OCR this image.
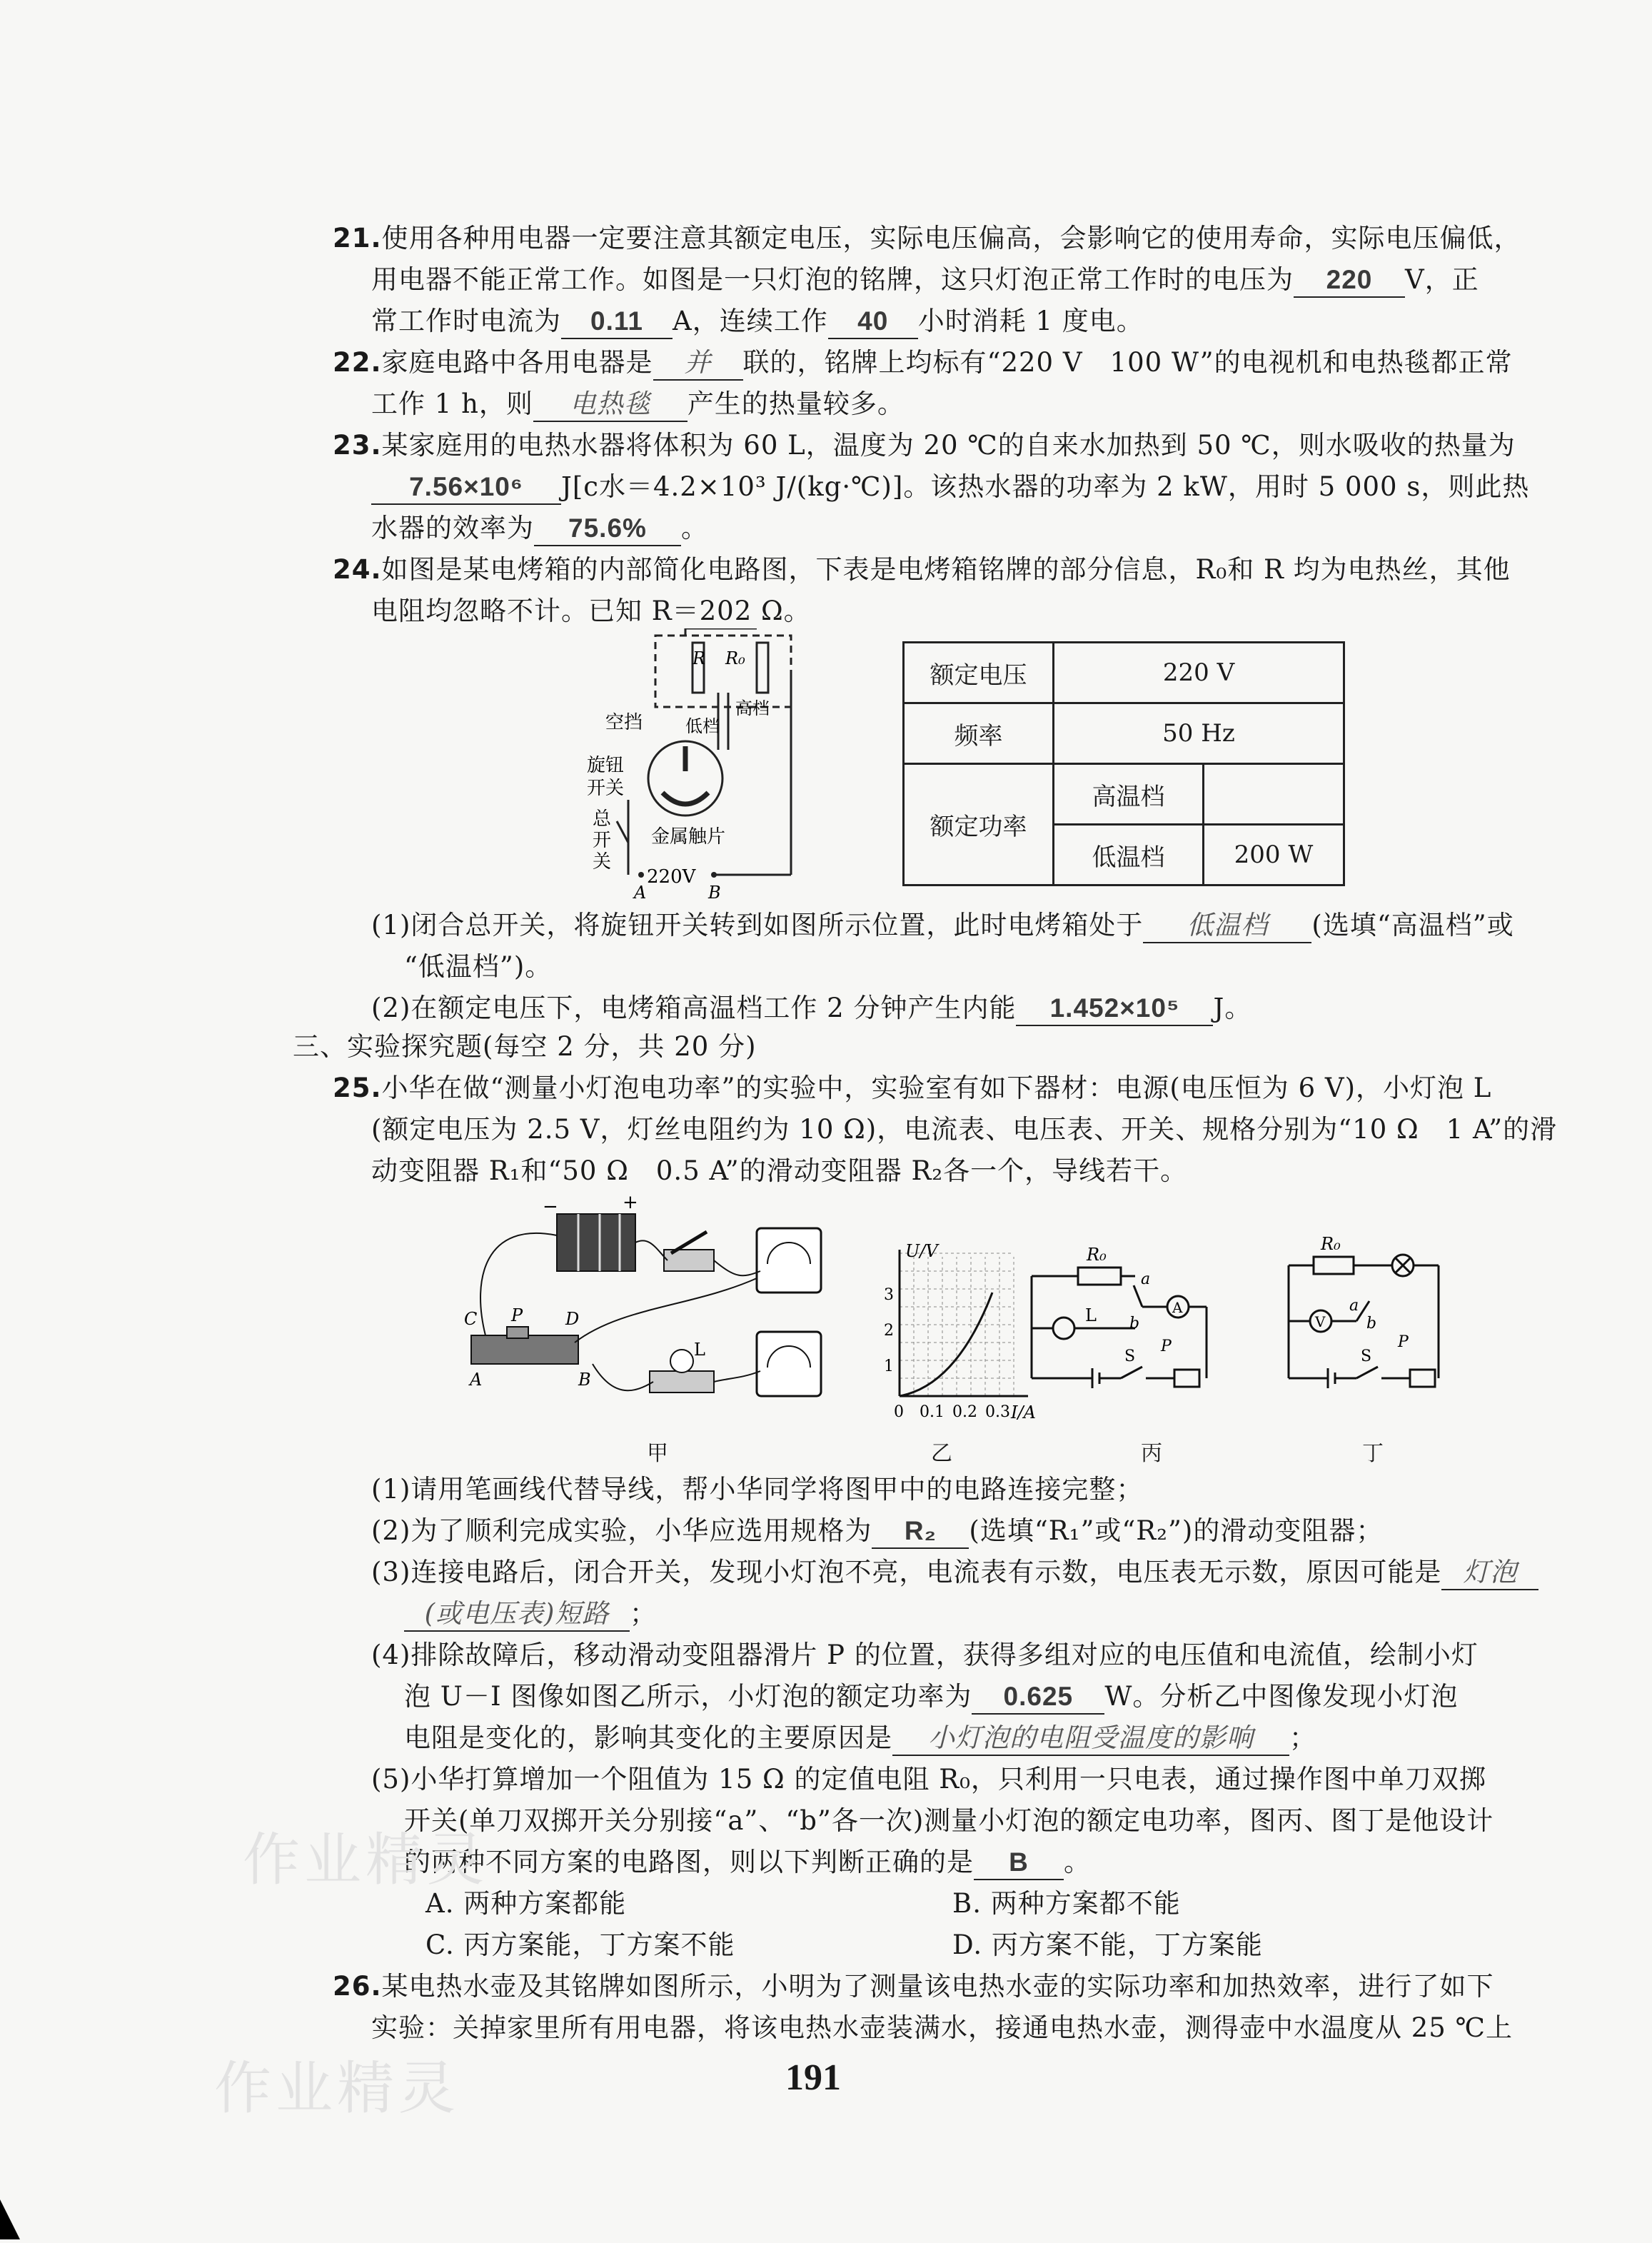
21.使用各种用电器一定要注意其额定电压，实际电压偏高，会影响它的使用寿命，实际电压偏低，
用电器不能正常工作。如图是一只灯泡的铭牌，这只灯泡正常工作时的电压为 220 V，正
常工作时电流为 0.11 A，连续工作 40 小时消耗 1 度电。
22.家庭电路中各用电器是 并 联的，铭牌上均标有“220 V　100 W”的电视机和电热毯都正常
工作 1 h，则 电热毯 产生的热量较多。
23.某家庭用的电热水器将体积为 60 L，温度为 20 ℃的自来水加热到 50 ℃，则水吸收的热量为
7.56×10⁶ J[c水＝4.2×10³ J/(kg·℃)]。该热水器的功率为 2 kW，用时 5 000 s，则此热
水器的效率为 75.6% 。
24.如图是某电烤箱的内部简化电路图，下表是电烤箱铭牌的部分信息，R₀和 R 均为电热丝，其他
电阻均忽略不计。已知 R＝202 Ω。
R R₀
低档
高档
空挡
旋钮
开关
总
开
关
金属触片
220V
A	B
额定电压	220 V	
频率	50 Hz	
额定功率	高温档	
	低温档	200 W
(1)闭合总开关，将旋钮开关转到如图所示位置，此时电烤箱处于 低温档 (选填“高温档”或
“低温档”)。
(2)在额定电压下，电烤箱高温档工作 2 分钟产生内能 1.452×10⁵ J。
三、实验探究题(每空 2 分，共 20 分)
25.小华在做“测量小灯泡电功率”的实验中，实验室有如下器材：电源(电压恒为 6 V)，小灯泡 L
(额定电压为 2.5 V，灯丝电阻约为 10 Ω)，电流表、电压表、开关、规格分别为“10 Ω　1 A”的滑
动变阻器 R₁和“50 Ω　0.5 A”的滑动变阻器 R₂各一个，导线若干。
−	+
C P D
A	B
L
U/V
I/A
1
2
3
0 0.1 0.2 0.3
R₀
L
a
b
A
P
S
R₀
V
a
b
S
P
甲	乙	丙	丁
(1)请用笔画线代替导线，帮小华同学将图甲中的电路连接完整；
(2)为了顺利完成实验，小华应选用规格为 R₂ (选填“R₁”或“R₂”)的滑动变阻器；
(3)连接电路后，闭合开关，发现小灯泡不亮，电流表有示数，电压表无示数，原因可能是 灯泡
(或电压表)短路 ；
(4)排除故障后，移动滑动变阻器滑片 P 的位置，获得多组对应的电压值和电流值，绘制小灯
泡 U－I 图像如图乙所示，小灯泡的额定功率为 0.625 W。分析乙中图像发现小灯泡
电阻是变化的，影响其变化的主要原因是 小灯泡的电阻受温度的影响 ；
(5)小华打算增加一个阻值为 15 Ω 的定值电阻 R₀，只利用一只电表，通过操作图中单刀双掷
开关(单刀双掷开关分别接“a”、“b”各一次)测量小灯泡的额定电功率，图丙、图丁是他设计
的两种不同方案的电路图，则以下判断正确的是 B 。
A. 两种方案都能	B. 两种方案都不能
C. 丙方案能，丁方案不能	D. 丙方案不能，丁方案能
26.某电热水壶及其铭牌如图所示，小明为了测量该电热水壶的实际功率和加热效率，进行了如下
实验：关掉家里所有用电器，将该电热水壶装满水，接通电热水壶，测得壶中水温度从 25 ℃上
作业精灵
作业精灵	191
